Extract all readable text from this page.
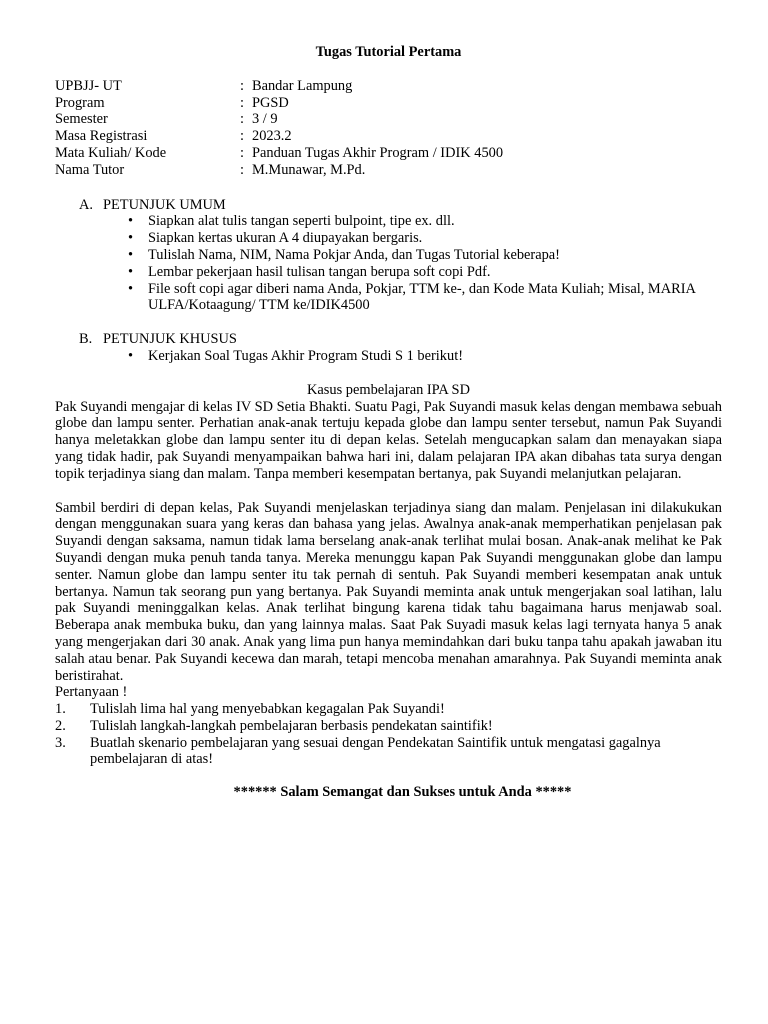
Tugas Tutorial Pertama
UPBJJ- UT	:	Bandar Lampung
Program	:	PGSD
Semester	:	3 / 9
Masa Registrasi	:	2023.2
Mata Kuliah/ Kode	:	Panduan Tugas Akhir Program / IDIK 4500
Nama Tutor	:	M.Munawar, M.Pd.
A. PETUNJUK UMUM
• Siapkan alat tulis tangan seperti bulpoint, tipe ex. dll.
• Siapkan kertas ukuran A 4 diupayakan bergaris.
• Tulislah Nama, NIM, Nama Pokjar Anda, dan Tugas Tutorial keberapa!
• Lembar pekerjaan hasil tulisan tangan berupa soft copi Pdf.
• File soft copi agar diberi nama Anda, Pokjar, TTM ke-, dan Kode Mata Kuliah; Misal, MARIA ULFA/Kotaagung/ TTM ke/IDIK4500
B. PETUNJUK KHUSUS
• Kerjakan Soal Tugas Akhir Program Studi S 1 berikut!
Kasus pembelajaran IPA SD

Pak Suyandi mengajar di kelas IV SD Setia Bhakti. Suatu Pagi, Pak Suyandi masuk kelas dengan membawa sebuah globe dan lampu senter. Perhatian anak-anak tertuju kepada globe dan lampu senter tersebut, namun Pak Suyandi hanya meletakkan globe dan lampu senter itu di depan kelas. Setelah mengucapkan salam dan menayakan siapa yang tidak hadir, pak Suyandi menyampaikan bahwa hari ini, dalam pelajaran IPA akan dibahas tata surya dengan topik terjadinya siang dan malam. Tanpa memberi kesempatan bertanya, pak Suyandi melanjutkan pelajaran.

Sambil berdiri di depan kelas, Pak Suyandi menjelaskan terjadinya siang dan malam. Penjelasan ini dilakukukan dengan menggunakan suara yang keras dan bahasa yang jelas. Awalnya anak-anak memperhatikan penjelasan pak Suyandi dengan saksama, namun tidak lama berselang anak-anak terlihat mulai bosan. Anak-anak melihat ke Pak Suyandi dengan muka penuh tanda tanya. Mereka menunggu kapan Pak Suyandi menggunakan globe dan lampu senter. Namun globe dan lampu senter itu tak pernah di sentuh. Pak Suyandi memberi kesempatan anak untuk bertanya. Namun tak seorang pun yang bertanya. Pak Suyandi meminta anak untuk mengerjakan soal latihan, lalu pak Suyandi meninggalkan kelas. Anak terlihat bingung karena tidak tahu bagaimana harus menjawab soal. Beberapa anak membuka buku, dan yang lainnya malas. Saat Pak Suyadi masuk kelas lagi ternyata hanya 5 anak yang mengerjakan dari 30 anak. Anak yang lima pun hanya memindahkan dari buku tanpa tahu apakah jawaban itu salah atau benar. Pak Suyandi kecewa dan marah, tetapi mencoba menahan amarahnya. Pak Suyandi meminta anak beristirahat.

Pertanyaan !
1. Tulislah lima hal yang menyebabkan kegagalan Pak Suyandi!
2. Tulislah langkah-langkah pembelajaran berbasis pendekatan saintifik!
3. Buatlah skenario pembelajaran yang sesuai dengan Pendekatan Saintifik untuk mengatasi gagalnya pembelajaran di atas!
****** Salam Semangat dan Sukses untuk Anda *****
